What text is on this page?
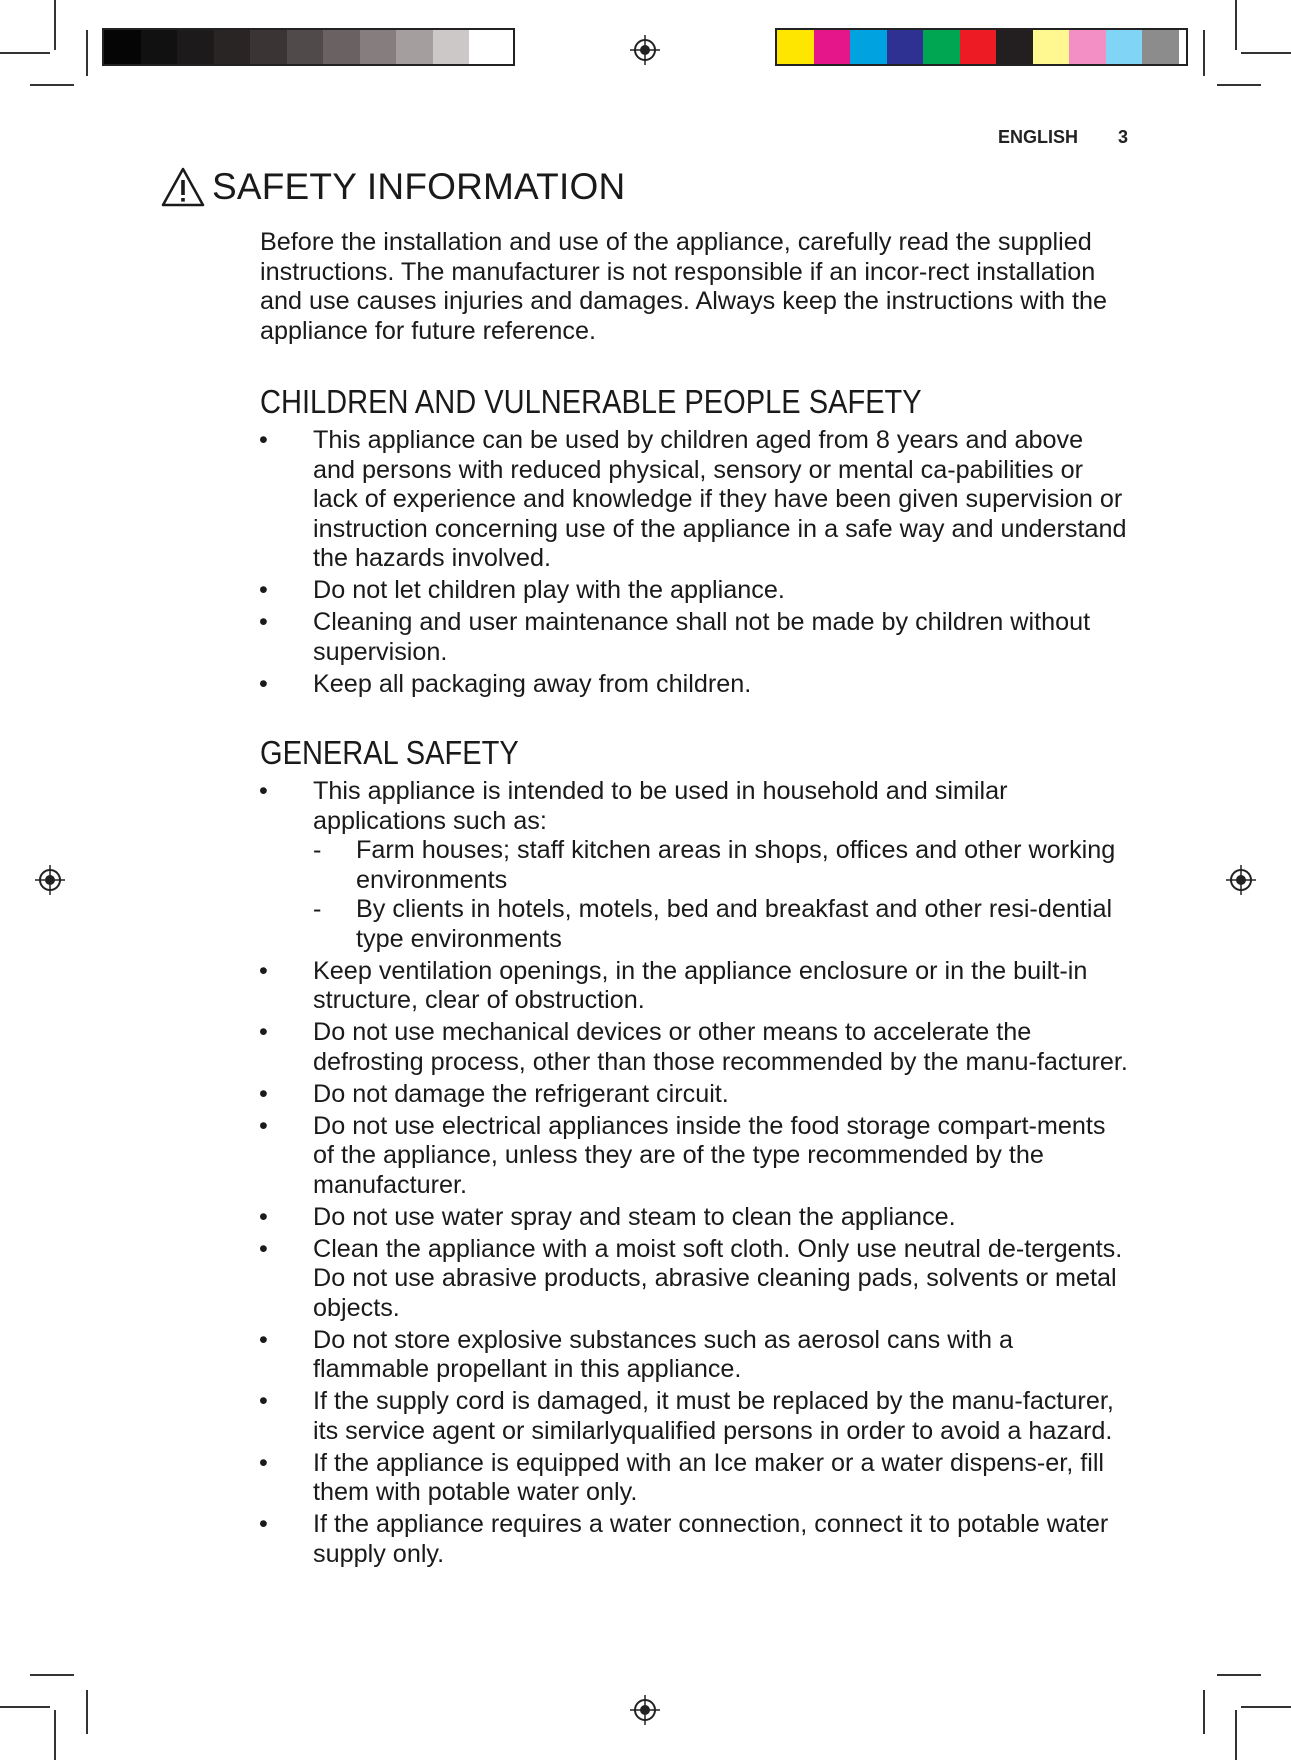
ENGLISH 3
SAFETY INFORMATION

Before the installation and use of the appliance, carefully read the supplied instructions. The manufacturer is not responsible if an incor-rect installation and use causes injuries and damages. Always keep the instructions with the appliance for future reference.

CHILDREN AND VULNERABLE PEOPLE SAFETY
•	This appliance can be used by children aged from 8 years and above and persons with reduced physical, sensory or mental ca-pabilities or lack of experience and knowledge if they have been given supervision or instruction concerning use of the appliance in a safe way and understand the hazards involved.
•	Do not let children play with the appliance.
•	Cleaning and user maintenance shall not be made by children without supervision.
•	Keep all packaging away from children.
GENERAL SAFETY
•	This appliance is intended to be used in household and similar applications such as:
- Farm houses; staff kitchen areas in shops, offices and other working environments
- By clients in hotels, motels, bed and breakfast and other resi-dential type environments
•	Keep ventilation openings, in the appliance enclosure or in the built-in structure, clear of obstruction.
•	Do not use mechanical devices or other means to accelerate the defrosting process, other than those recommended by the manu-facturer.
•	Do not damage the refrigerant circuit.
•	Do not use electrical appliances inside the food storage compart-ments of the appliance, unless they are of the type recommended by the manufacturer.
•	Do not use water spray and steam to clean the appliance.
•	Clean the appliance with a moist soft cloth. Only use neutral de-tergents. Do not use abrasive products, abrasive cleaning pads, solvents or metal objects.
•	Do not store explosive substances such as aerosol cans with a flammable propellant in this appliance.
•	If the supply cord is damaged, it must be replaced by the manu-facturer, its service agent or similarlyqualified persons in order to avoid a hazard.
•	If the appliance is equipped with an Ice maker or a water dispens-er, fill them with potable water only.
•	If the appliance requires a water connection, connect it to potable water supply only.
